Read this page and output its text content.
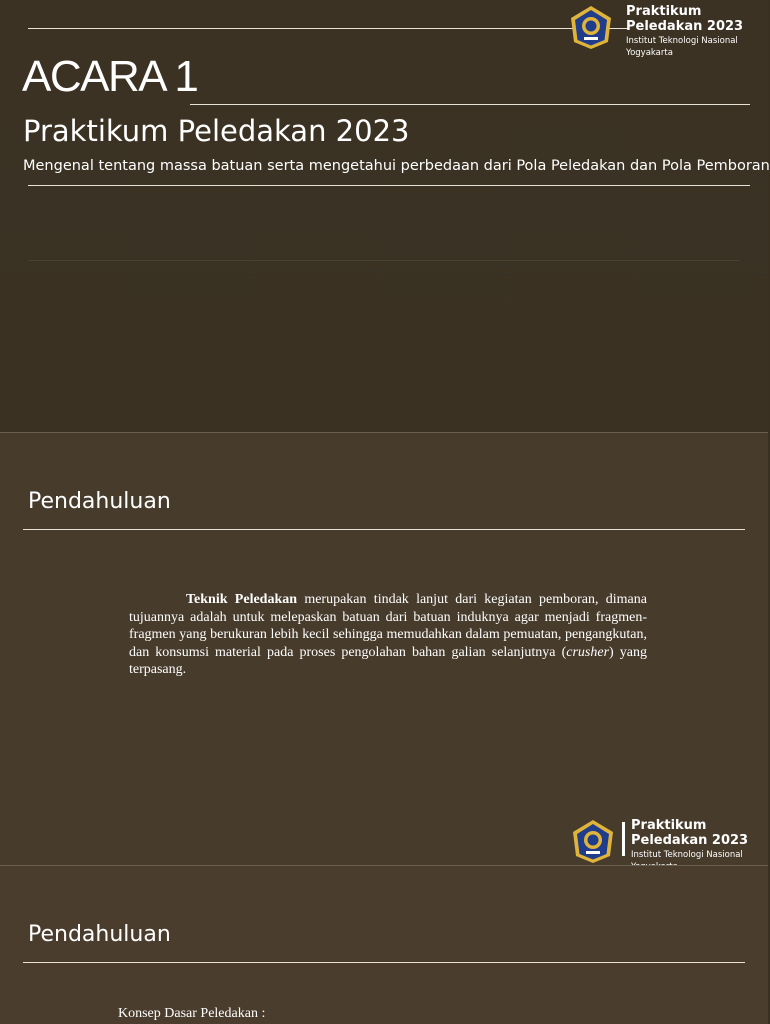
Praktikum
Peledakan 2023
Institut Teknologi Nasional
Yogyakarta
ACARA 1
Praktikum Peledakan 2023
Mengenal tentang massa batuan serta mengetahui perbedaan dari Pola Peledakan dan Pola Pemboran
Pendahuluan

Teknik Peledakan merupakan tindak lanjut dari kegiatan pemboran, dimana tujuannya adalah untuk melepaskan batuan dari batuan induknya agar menjadi fragmen-fragmen yang berukuran lebih kecil sehingga memudahkan dalam pemuatan, pengangkutan, dan konsumsi material pada proses pengolahan bahan galian selanjutnya (crusher) yang terpasang.

Praktikum
Peledakan 2023
Institut Teknologi Nasional
Pendahuluan
Konsep Dasar Peledakan :
